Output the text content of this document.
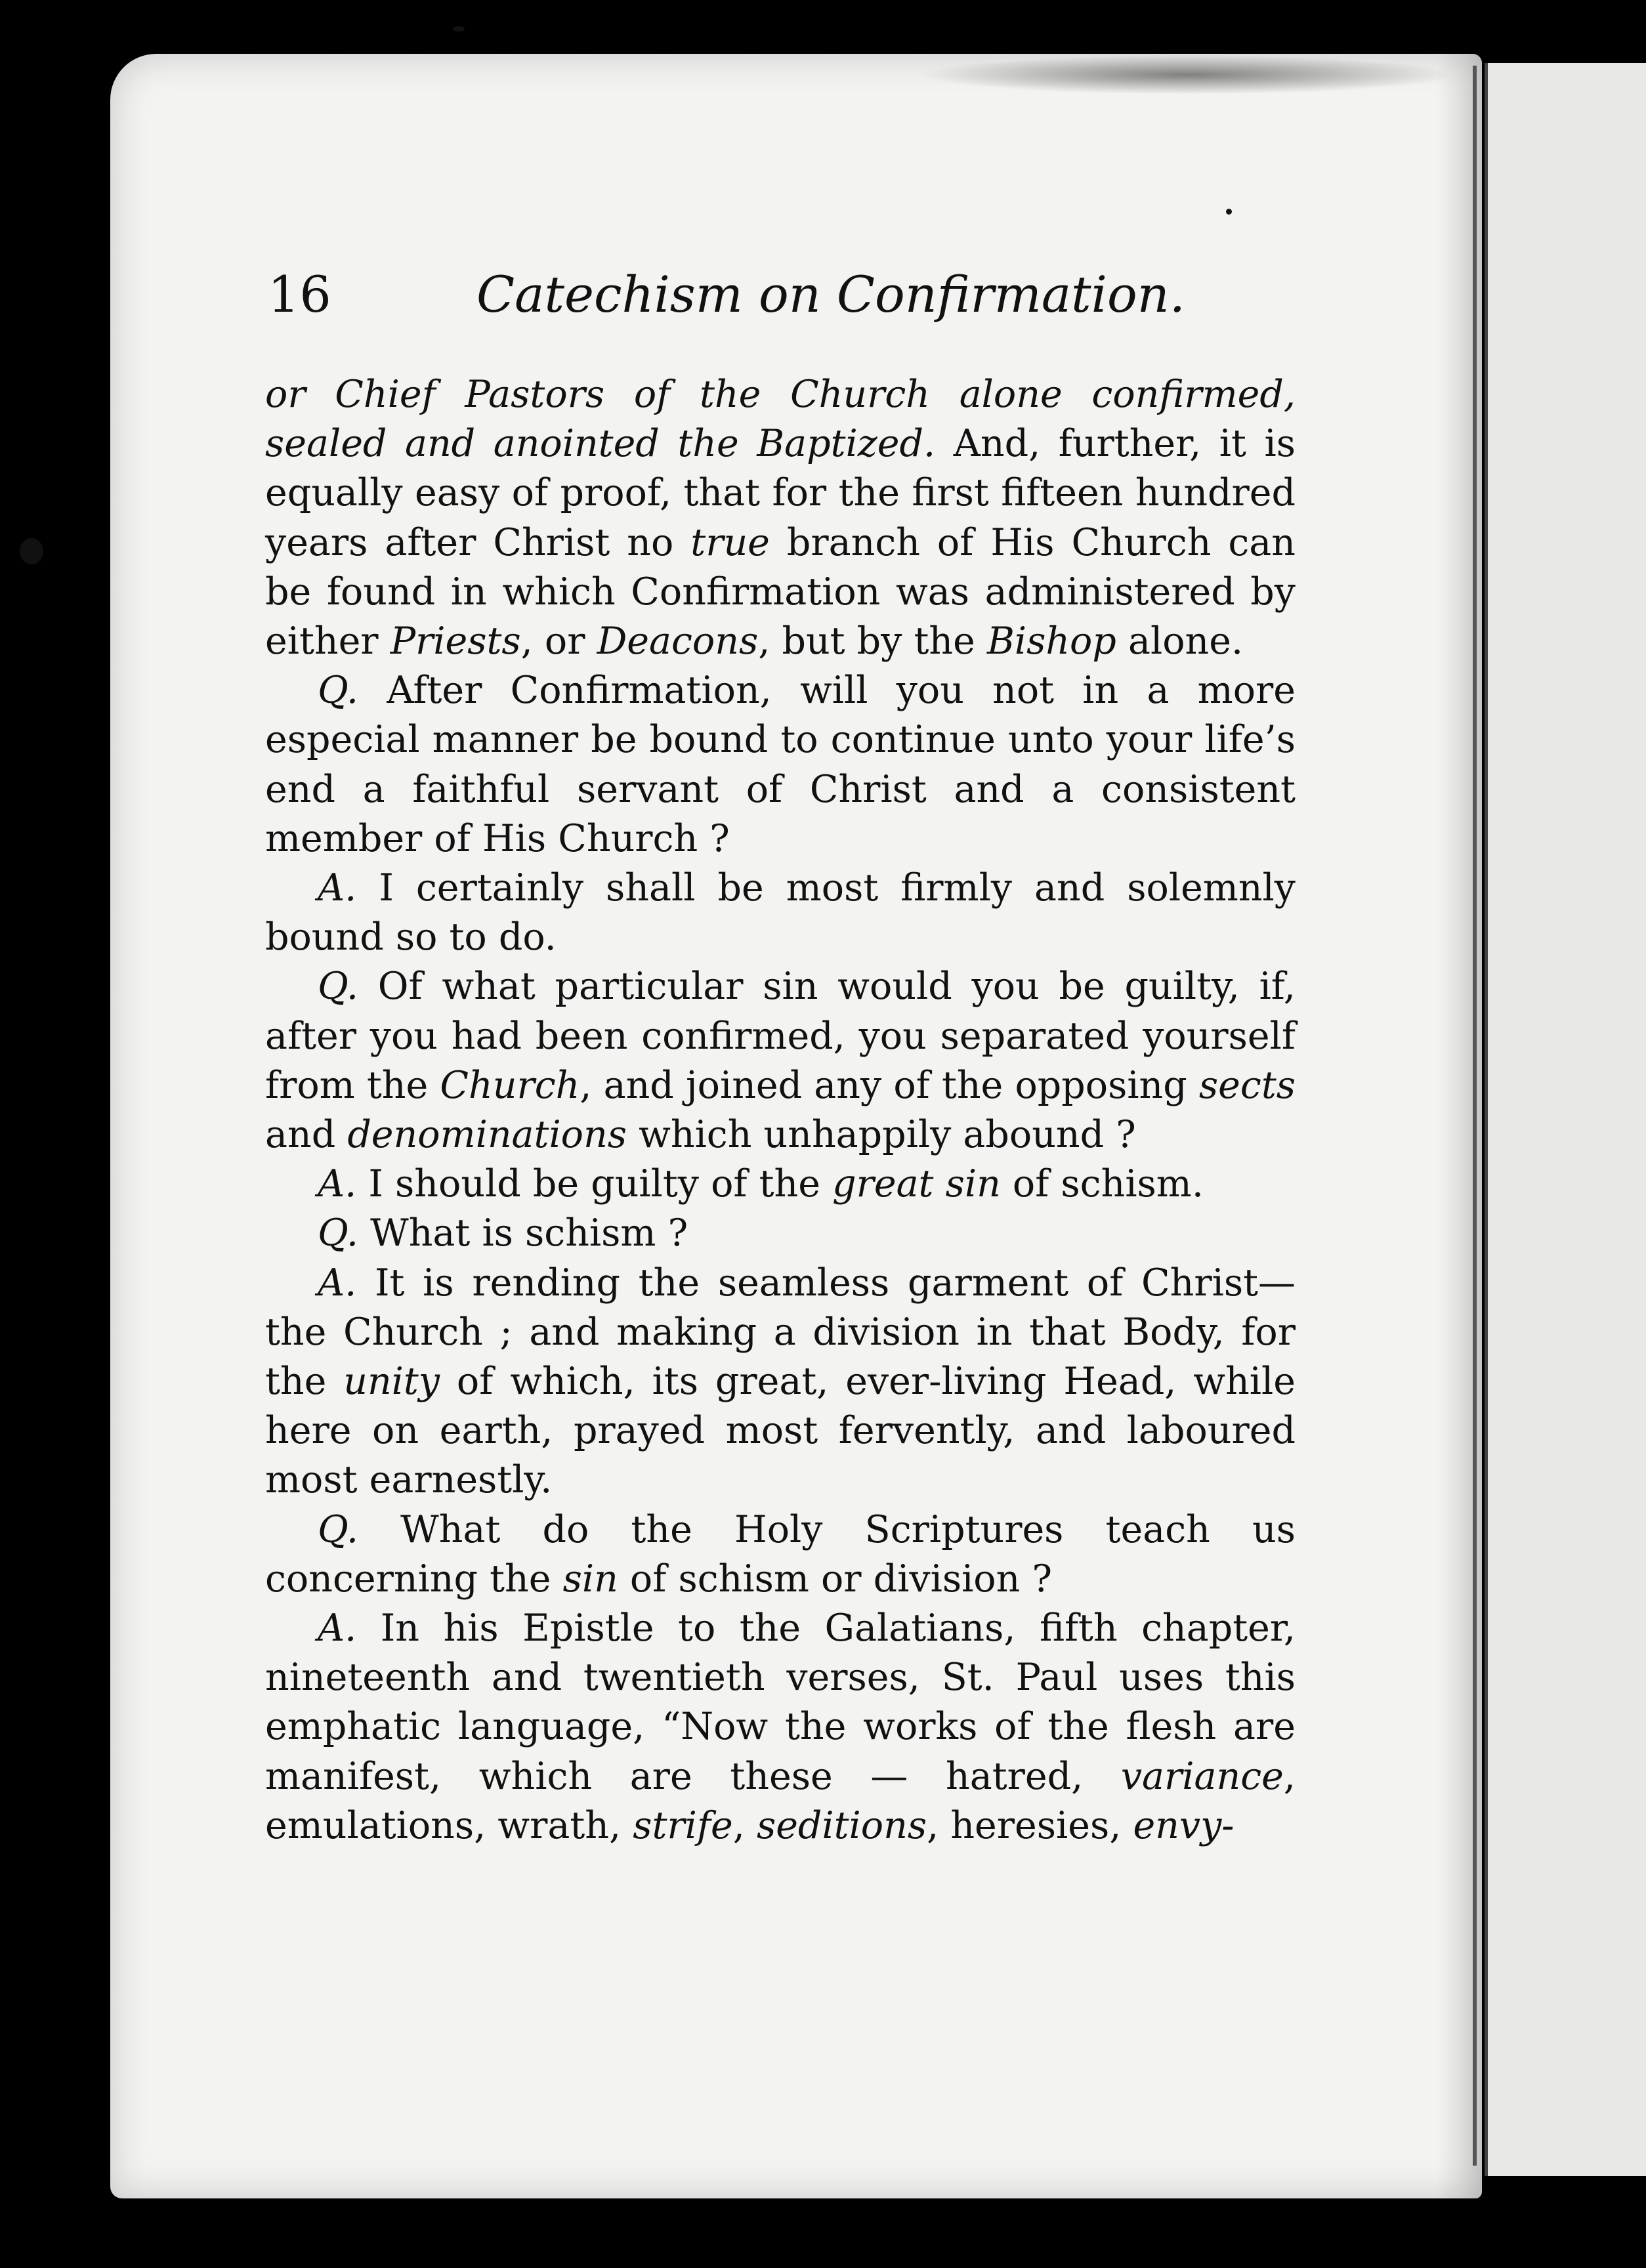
16	Catechism on Confirmation.

or Chief Pastors of the Church alone confirmed, sealed and anointed the Baptized. And, further, it is equally easy of proof, that for the first fifteen hundred years after Christ no true branch of His Church can be found in which Confirmation was administered by either Priests, or Deacons, but by the Bishop alone.

Q. After Confirmation, will you not in a more especial manner be bound to continue unto your life’s end a faithful servant of Christ and a consistent member of His Church ?

A. I certainly shall be most firmly and solemnly bound so to do.

Q. Of what particular sin would you be guilty, if, after you had been confirmed, you separated yourself from the Church, and joined any of the opposing sects and denominations which unhappily abound ?

A. I should be guilty of the great sin of schism.

Q. What is schism ?

A. It is rending the seamless garment of Christ—the Church ; and making a division in that Body, for the unity of which, its great, ever-living Head, while here on earth, prayed most fervently, and laboured most earnestly.

Q. What do the Holy Scriptures teach us concerning the sin of schism or division ?

A. In his Epistle to the Galatians, fifth chapter, nineteenth and twentieth verses, St. Paul uses this emphatic language, “Now the works of the flesh are manifest, which are these — hatred, variance, emulations, wrath, strife, seditions, heresies, envy-
